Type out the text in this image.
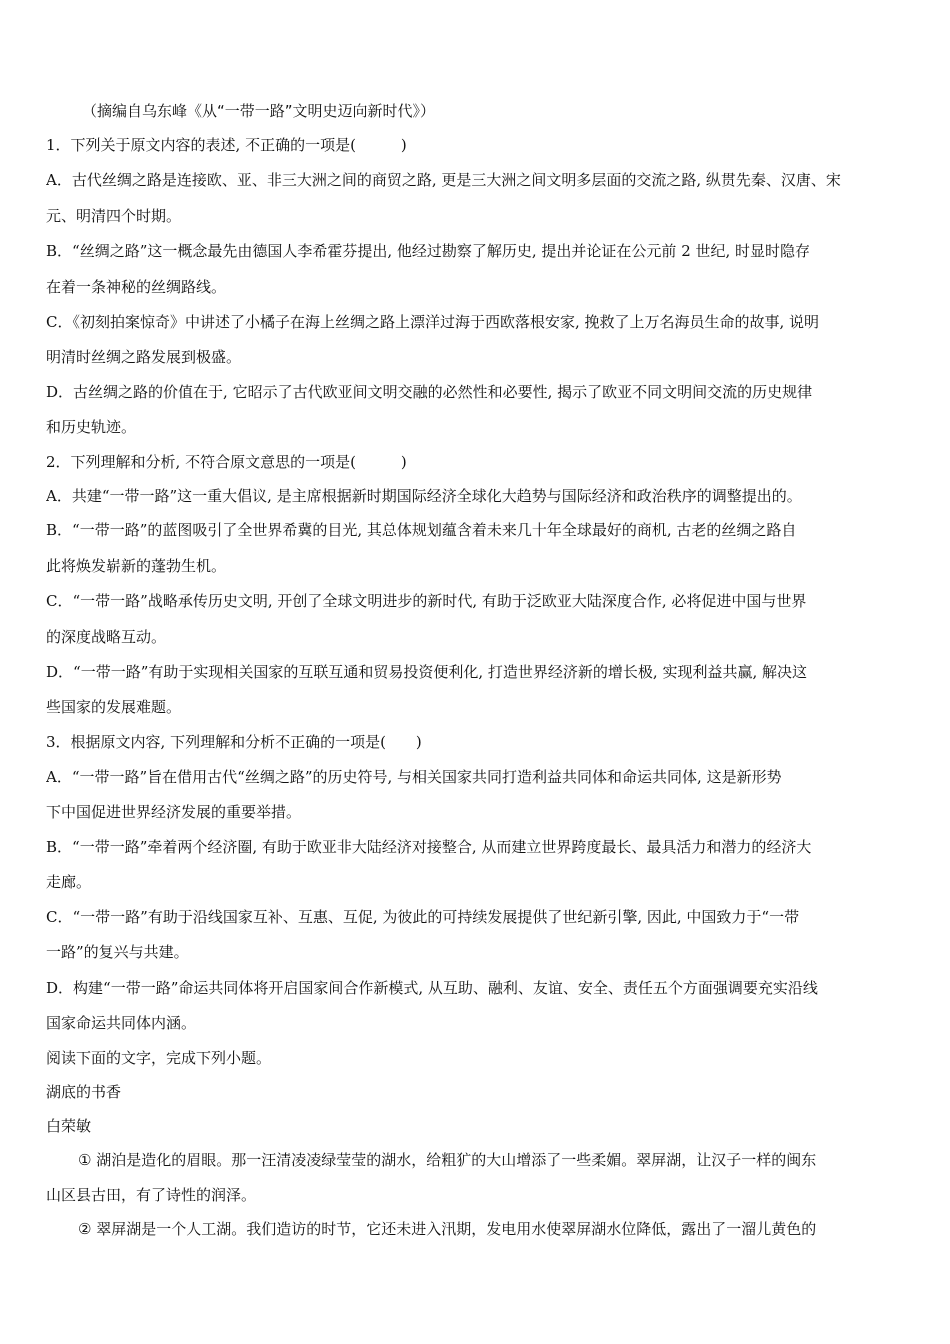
（摘编自乌东峰《从“一带一路”文明史迈向新时代》）

1．下列关于原文内容的表述, 不正确的一项是(　　　)

A．古代丝绸之路是连接欧、亚、非三大洲之间的商贸之路, 更是三大洲之间文明多层面的交流之路, 纵贯先秦、汉唐、宋

元、明清四个时期。

B．“丝绸之路”这一概念最先由德国人李希霍芬提出, 他经过勘察了解历史, 提出并论证在公元前 2 世纪, 时显时隐存

在着一条神秘的丝绸路线。

C．《初刻拍案惊奇》中讲述了小橘子在海上丝绸之路上漂洋过海于西欧落根安家, 挽救了上万名海员生命的故事, 说明

明清时丝绸之路发展到极盛。

D．古丝绸之路的价值在于, 它昭示了古代欧亚间文明交融的必然性和必要性, 揭示了欧亚不同文明间交流的历史规律

和历史轨迹。

2．下列理解和分析, 不符合原文意思的一项是(　　　)

A．共建“一带一路”这一重大倡议, 是主席根据新时期国际经济全球化大趋势与国际经济和政治秩序的调整提出的。

B．“一带一路”的蓝图吸引了全世界希冀的目光, 其总体规划蕴含着未来几十年全球最好的商机, 古老的丝绸之路自

此将焕发崭新的蓬勃生机。

C．“一带一路”战略承传历史文明, 开创了全球文明进步的新时代, 有助于泛欧亚大陆深度合作, 必将促进中国与世界

的深度战略互动。

D．“一带一路”有助于实现相关国家的互联互通和贸易投资便利化, 打造世界经济新的增长极, 实现利益共赢, 解决这

些国家的发展难题。

3．根据原文内容, 下列理解和分析不正确的一项是(　　)

A．“一带一路”旨在借用古代“丝绸之路”的历史符号, 与相关国家共同打造利益共同体和命运共同体, 这是新形势

下中国促进世界经济发展的重要举措。

B．“一带一路”牵着两个经济圈, 有助于欧亚非大陆经济对接整合, 从而建立世界跨度最长、最具活力和潜力的经济大

走廊。

C．“一带一路”有助于沿线国家互补、互惠、互促, 为彼此的可持续发展提供了世纪新引擎, 因此, 中国致力于“一带

一路”的复兴与共建。

D．构建“一带一路”命运共同体将开启国家间合作新模式, 从互助、融利、友谊、安全、责任五个方面强调要充实沿线

国家命运共同体内涵。

阅读下面的文字，完成下列小题。

湖底的书香

白荣敏

① 湖泊是造化的眉眼。那一汪清凌凌绿莹莹的湖水，给粗犷的大山增添了一些柔媚。翠屏湖，让汉子一样的闽东

山区县古田，有了诗性的润泽。

② 翠屏湖是一个人工湖。我们造访的时节，它还未进入汛期，发电用水使翠屏湖水位降低，露出了一溜儿黄色的
